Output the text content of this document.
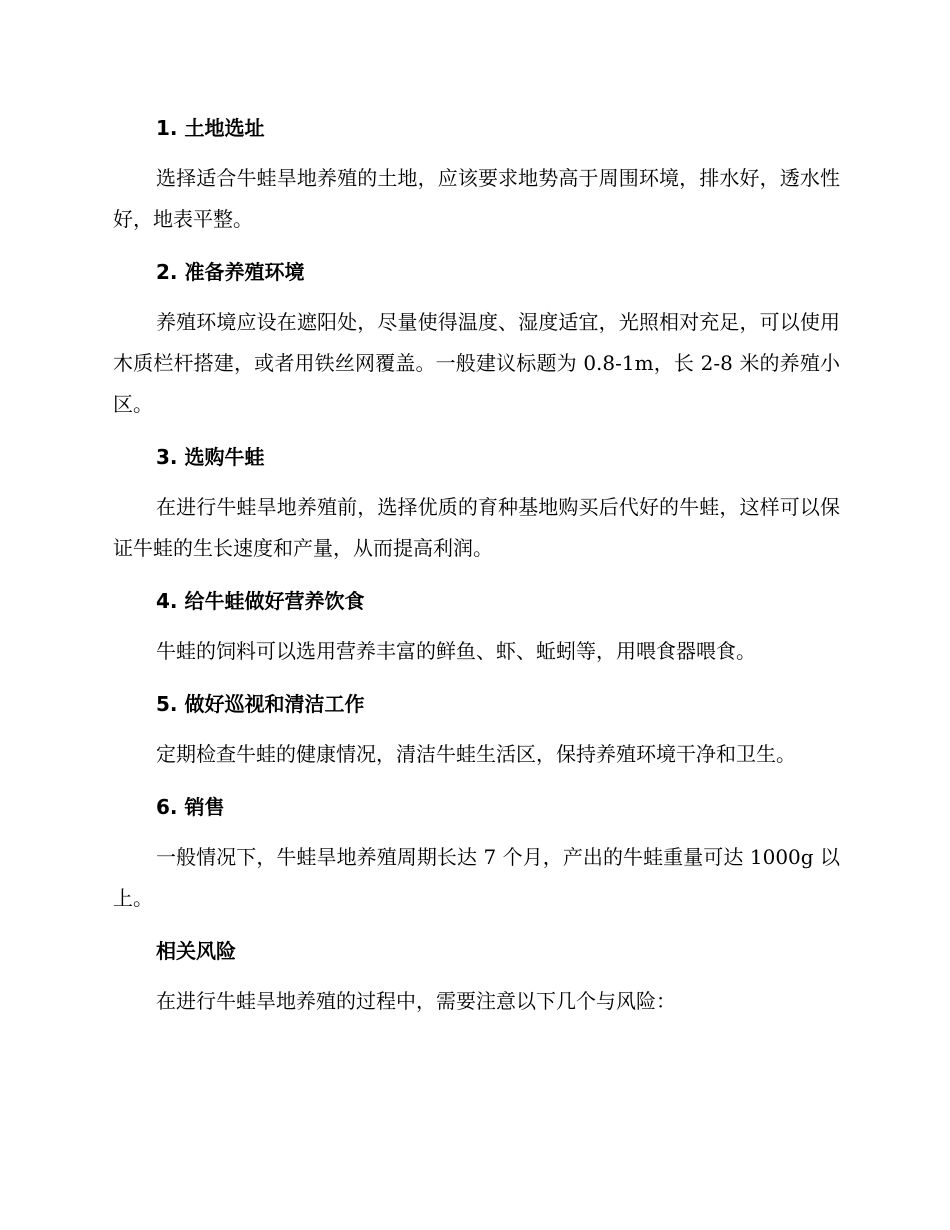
1. 土地选址

选择适合牛蛙旱地养殖的土地，应该要求地势高于周围环境，排水好，透水性好，地表平整。

2. 准备养殖环境

养殖环境应设在遮阳处，尽量使得温度、湿度适宜，光照相对充足，可以使用木质栏杆搭建，或者用铁丝网覆盖。一般建议标题为 0.8-1m，长 2-8 米的养殖小区。

3. 选购牛蛙

在进行牛蛙旱地养殖前，选择优质的育种基地购买后代好的牛蛙，这样可以保证牛蛙的生长速度和产量，从而提高利润。

4. 给牛蛙做好营养饮食

牛蛙的饲料可以选用营养丰富的鲜鱼、虾、蚯蚓等，用喂食器喂食。

5. 做好巡视和清洁工作

定期检查牛蛙的健康情况，清洁牛蛙生活区，保持养殖环境干净和卫生。

6. 销售

一般情况下，牛蛙旱地养殖周期长达 7 个月，产出的牛蛙重量可达 1000g 以上。

相关风险

在进行牛蛙旱地养殖的过程中，需要注意以下几个与风险：
